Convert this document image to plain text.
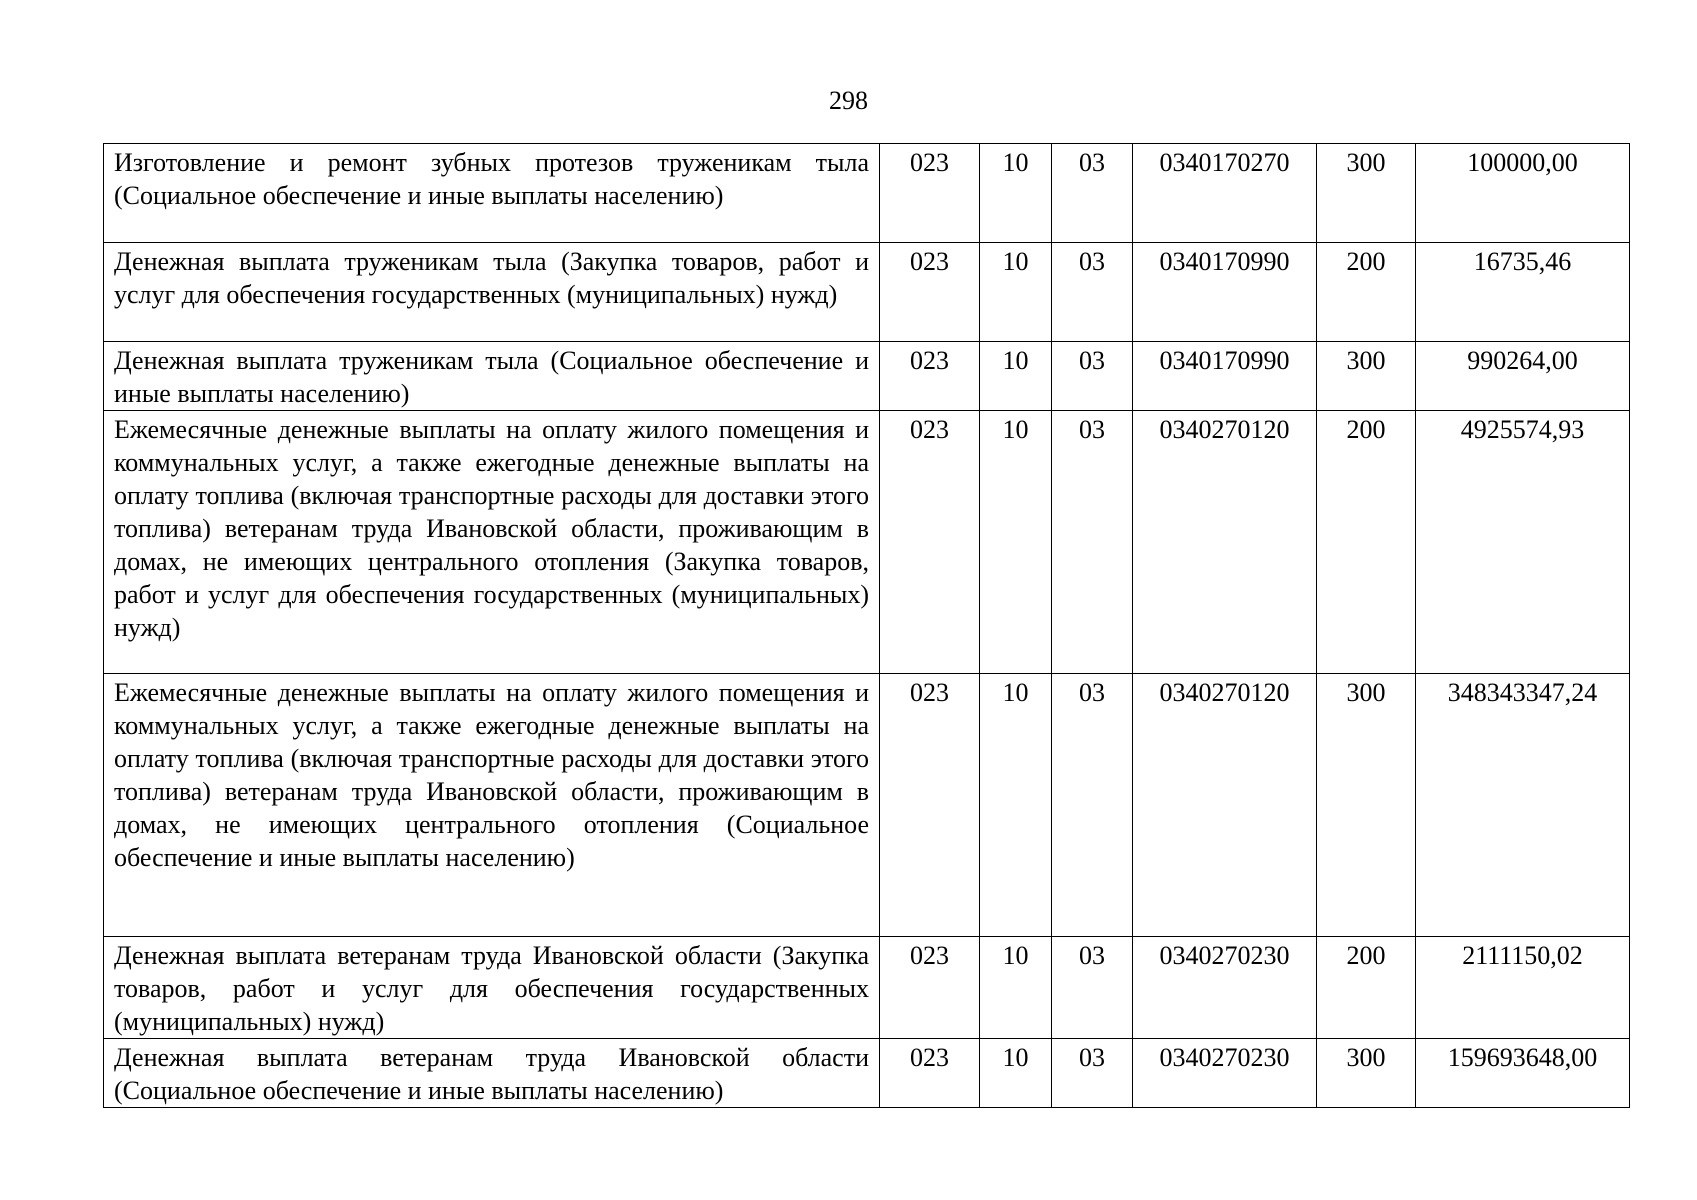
298
Изготовление и ремонт зубных протезов труженикам тыла (Социальное обеспечение и иные выплаты населению)	023	10	03	0340170270	300	100000,00
Денежная выплата труженикам тыла (Закупка товаров, работ и услуг для обеспечения государственных (муниципальных) нужд)	023	10	03	0340170990	200	16735,46
Денежная выплата труженикам тыла (Социальное обеспечение и иные выплаты населению)	023	10	03	0340170990	300	990264,00
Ежемесячные денежные выплаты на оплату жилого помещения и коммунальных услуг, а также ежегодные денежные выплаты на оплату топлива (включая транспортные расходы для доставки этого топлива) ветеранам труда Ивановской области, проживающим в домах, не имеющих центрального отопления (Закупка товаров, работ и услуг для обеспечения государственных (муниципальных) нужд)	023	10	03	0340270120	200	4925574,93
Ежемесячные денежные выплаты на оплату жилого помещения и коммунальных услуг, а также ежегодные денежные выплаты на оплату топлива (включая транспортные расходы для доставки этого топлива) ветеранам труда Ивановской области, проживающим в домах, не имеющих центрального отопления (Социальное обеспечение и иные выплаты населению)	023	10	03	0340270120	300	348343347,24
Денежная выплата ветеранам труда Ивановской области (Закупка товаров, работ и услуг для обеспечения государственных (муниципальных) нужд)	023	10	03	0340270230	200	2111150,02
Денежная выплата ветеранам труда Ивановской области (Социальное обеспечение и иные выплаты населению)	023	10	03	0340270230	300	159693648,00
